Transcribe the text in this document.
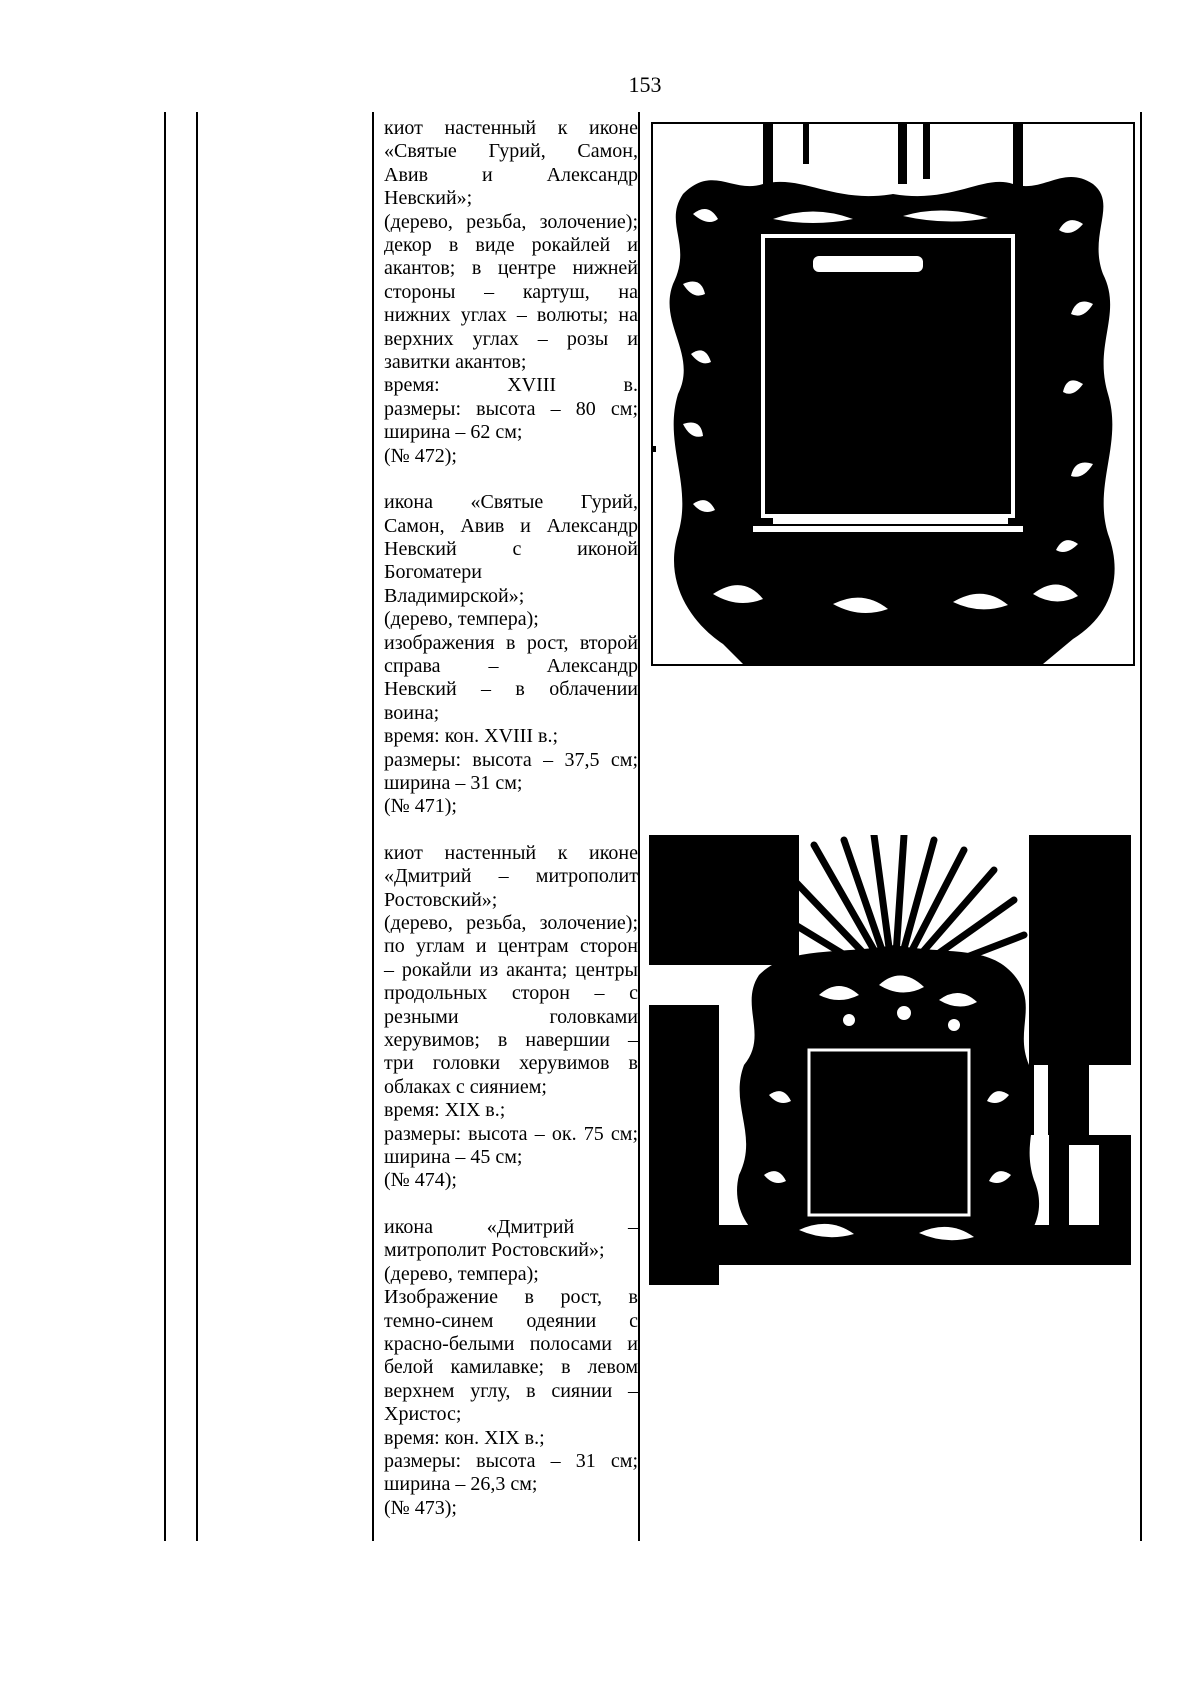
153

киот настенный к иконе

«Святые Гурий, Самон,

Авив и Александр

Невский»;

(дерево, резьба, золочение);

декор в виде рокайлей и

акантов; в центре нижней

стороны – картуш, на

нижних углах – волюты; на

верхних углах – розы и

завитки акантов;

время: XVIII в.

размеры: высота – 80 см;

ширина – 62 см;

(№ 472);

икона «Святые Гурий,

Самон, Авив и Александр

Невский с иконой

Богоматери

Владимирской»;

(дерево, темпера);

изображения в рост, второй

справа – Александр

Невский – в облачении

воина;

время: кон. XVIII в.;

размеры: высота – 37,5 см;

ширина – 31 см;

(№ 471);

киот настенный к иконе

«Дмитрий – митрополит

Ростовский»;

(дерево, резьба, золочение);

по углам и центрам сторон

– рокайли из аканта; центры

продольных сторон – с

резными головками

херувимов; в навершии –

три головки херувимов в

облаках с сиянием;

время: XIX в.;

размеры: высота – ок. 75 см;

ширина – 45 см;

(№ 474);

икона «Дмитрий –

митрополит Ростовский»;

(дерево, темпера);

Изображение в рост, в

темно-синем одеянии с

красно-белыми полосами и

белой камилавке; в левом

верхнем углу, в сиянии –

Христос;

время: кон. XIX в.;

размеры: высота – 31 см;

ширина – 26,3 см;

(№ 473);
